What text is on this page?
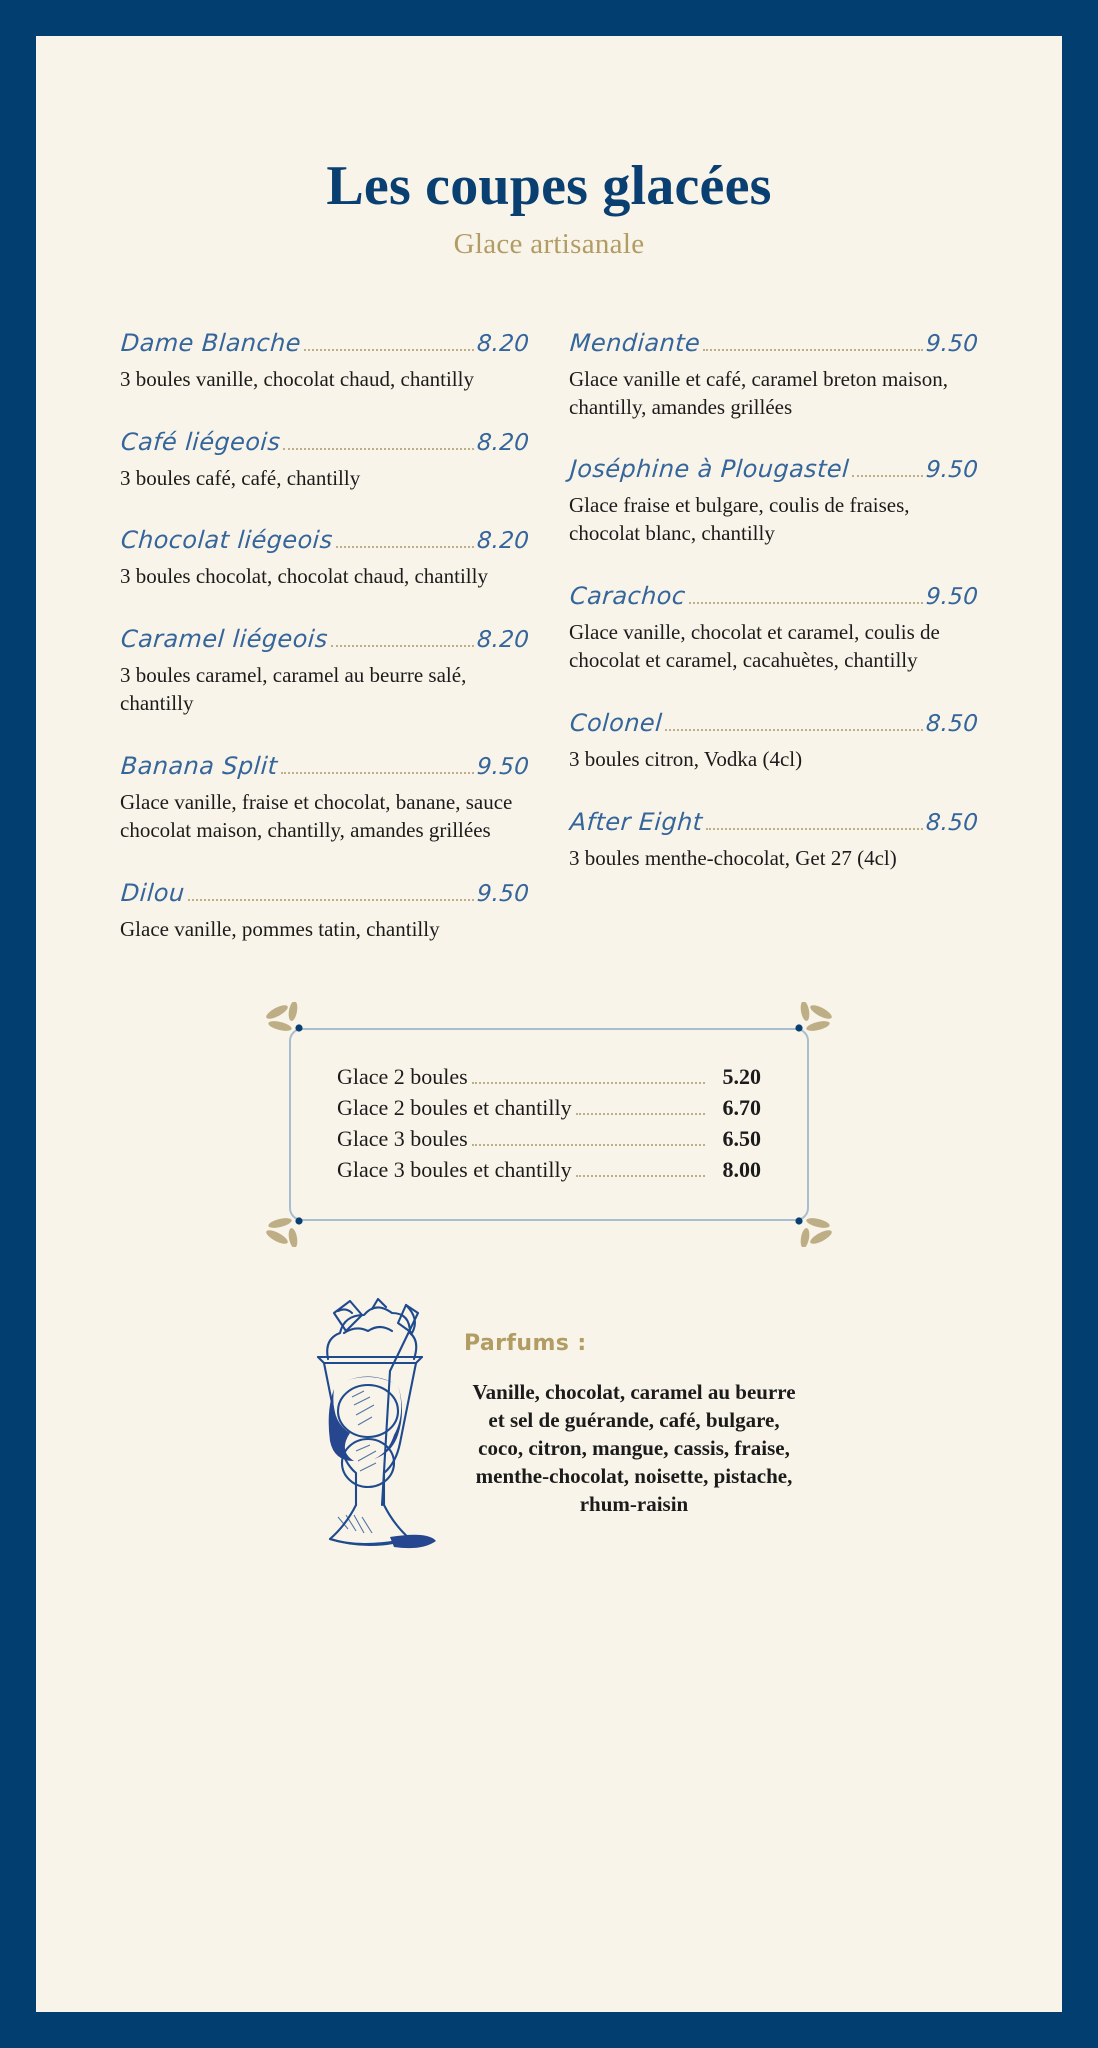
Les coupes glacées
Glace artisanale
Dame Blanche	8.20
3 boules vanille, chocolat chaud, chantilly
Café liégeois	8.20
3 boules café, café, chantilly
Chocolat liégeois	8.20
3 boules chocolat, chocolat chaud, chantilly
Caramel liégeois	8.20
3 boules caramel, caramel au beurre salé, chantilly
Banana Split	9.50
Glace vanille, fraise et chocolat, banane, sauce chocolat maison, chantilly, amandes grillées
Dilou	9.50
Glace vanille, pommes tatin, chantilly
Mendiante	9.50
Glace vanille et café, caramel breton maison, chantilly, amandes grillées
Joséphine à Plougastel	9.50
Glace fraise et bulgare, coulis de fraises, chocolat blanc, chantilly
Carachoc	9.50
Glace vanille, chocolat et caramel, coulis de chocolat et caramel, cacahuètes, chantilly
Colonel	8.50
3 boules citron, Vodka (4cl)
After Eight	8.50
3 boules menthe-chocolat, Get 27 (4cl)
Glace 2 boules	5.20
Glace 2 boules et chantilly	6.70
Glace 3 boules	6.50
Glace 3 boules et chantilly	8.00
Parfums :
Vanille, chocolat, caramel au beurre et sel de guérande, café, bulgare, coco, citron, mangue, cassis, fraise, menthe-chocolat, noisette, pistache, rhum-raisin
